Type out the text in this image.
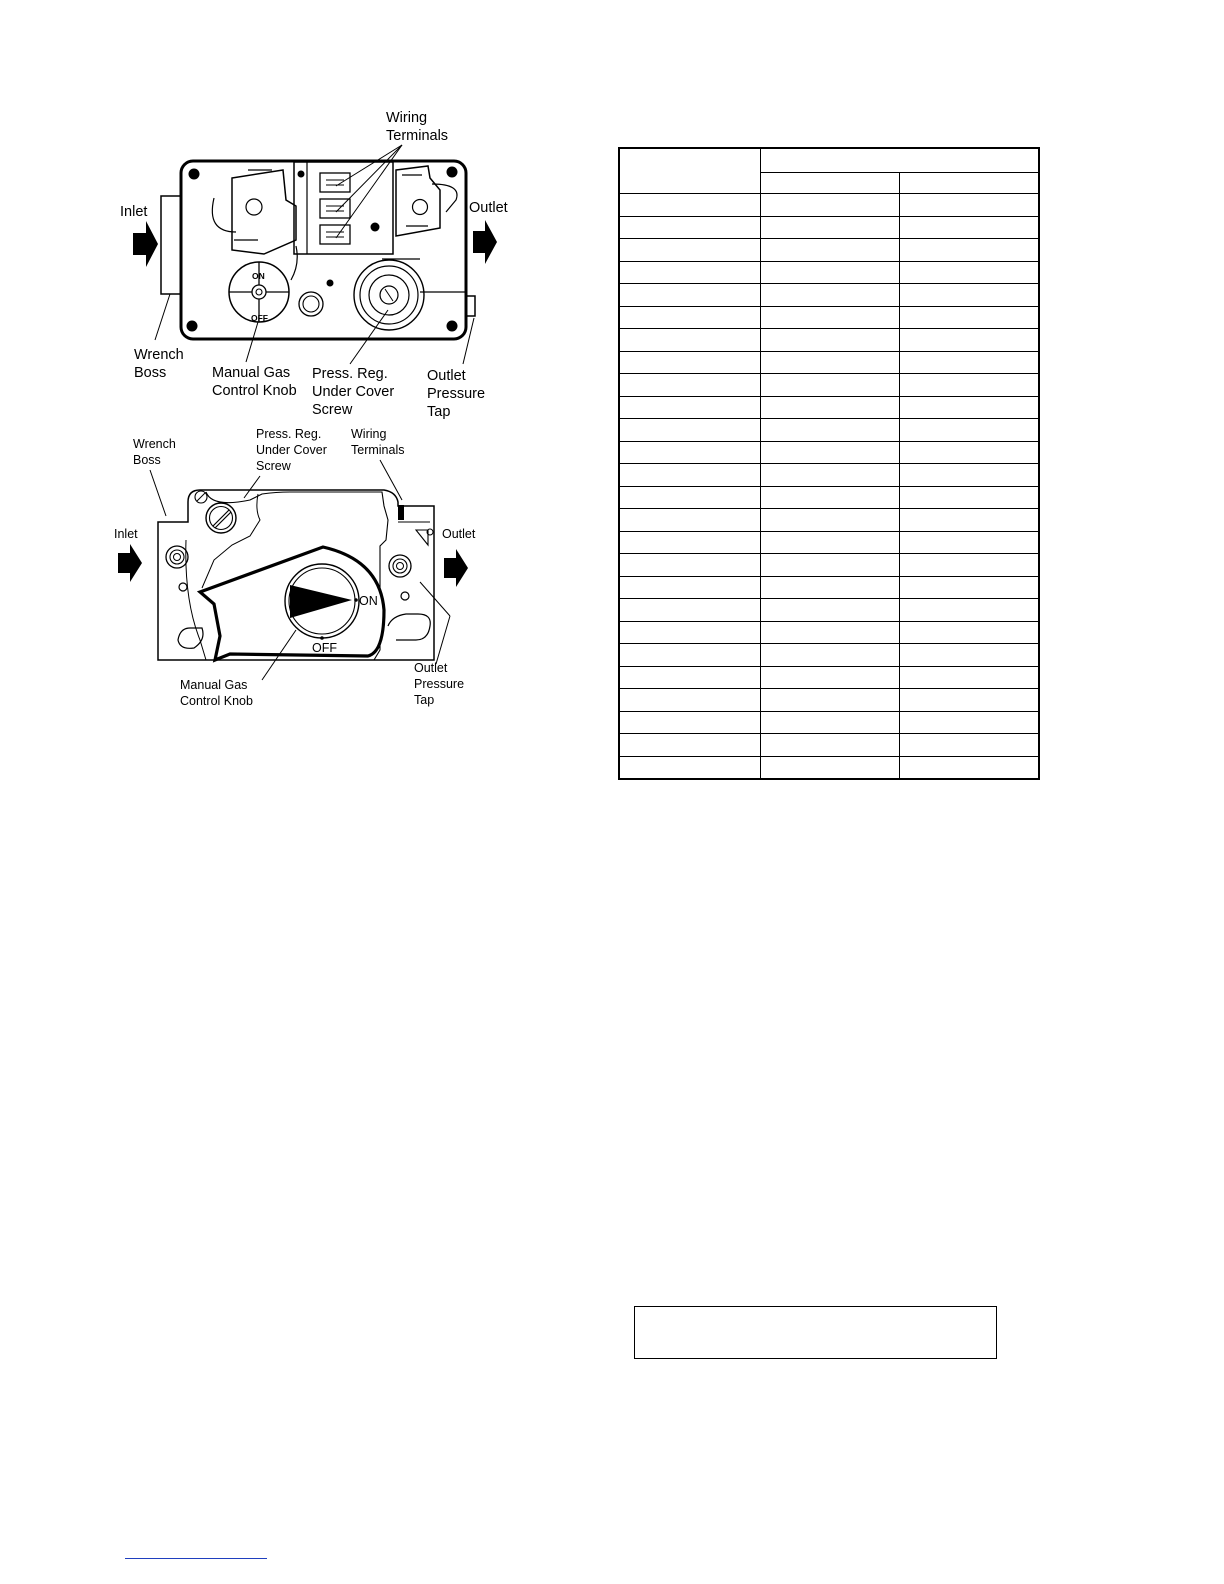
ON
OFF
Wiring Terminals
Inlet	Outlet
Wrench Boss	Manual Gas Control Knob
Press. Reg. Under Cover Screw
Outlet Pressure Tap
ON
OFF
Wrench Boss
Press. Reg. Under Cover Screw
Wiring Terminals
Inlet	Outlet
Outlet Pressure Tap
Manual Gas Control Knob
